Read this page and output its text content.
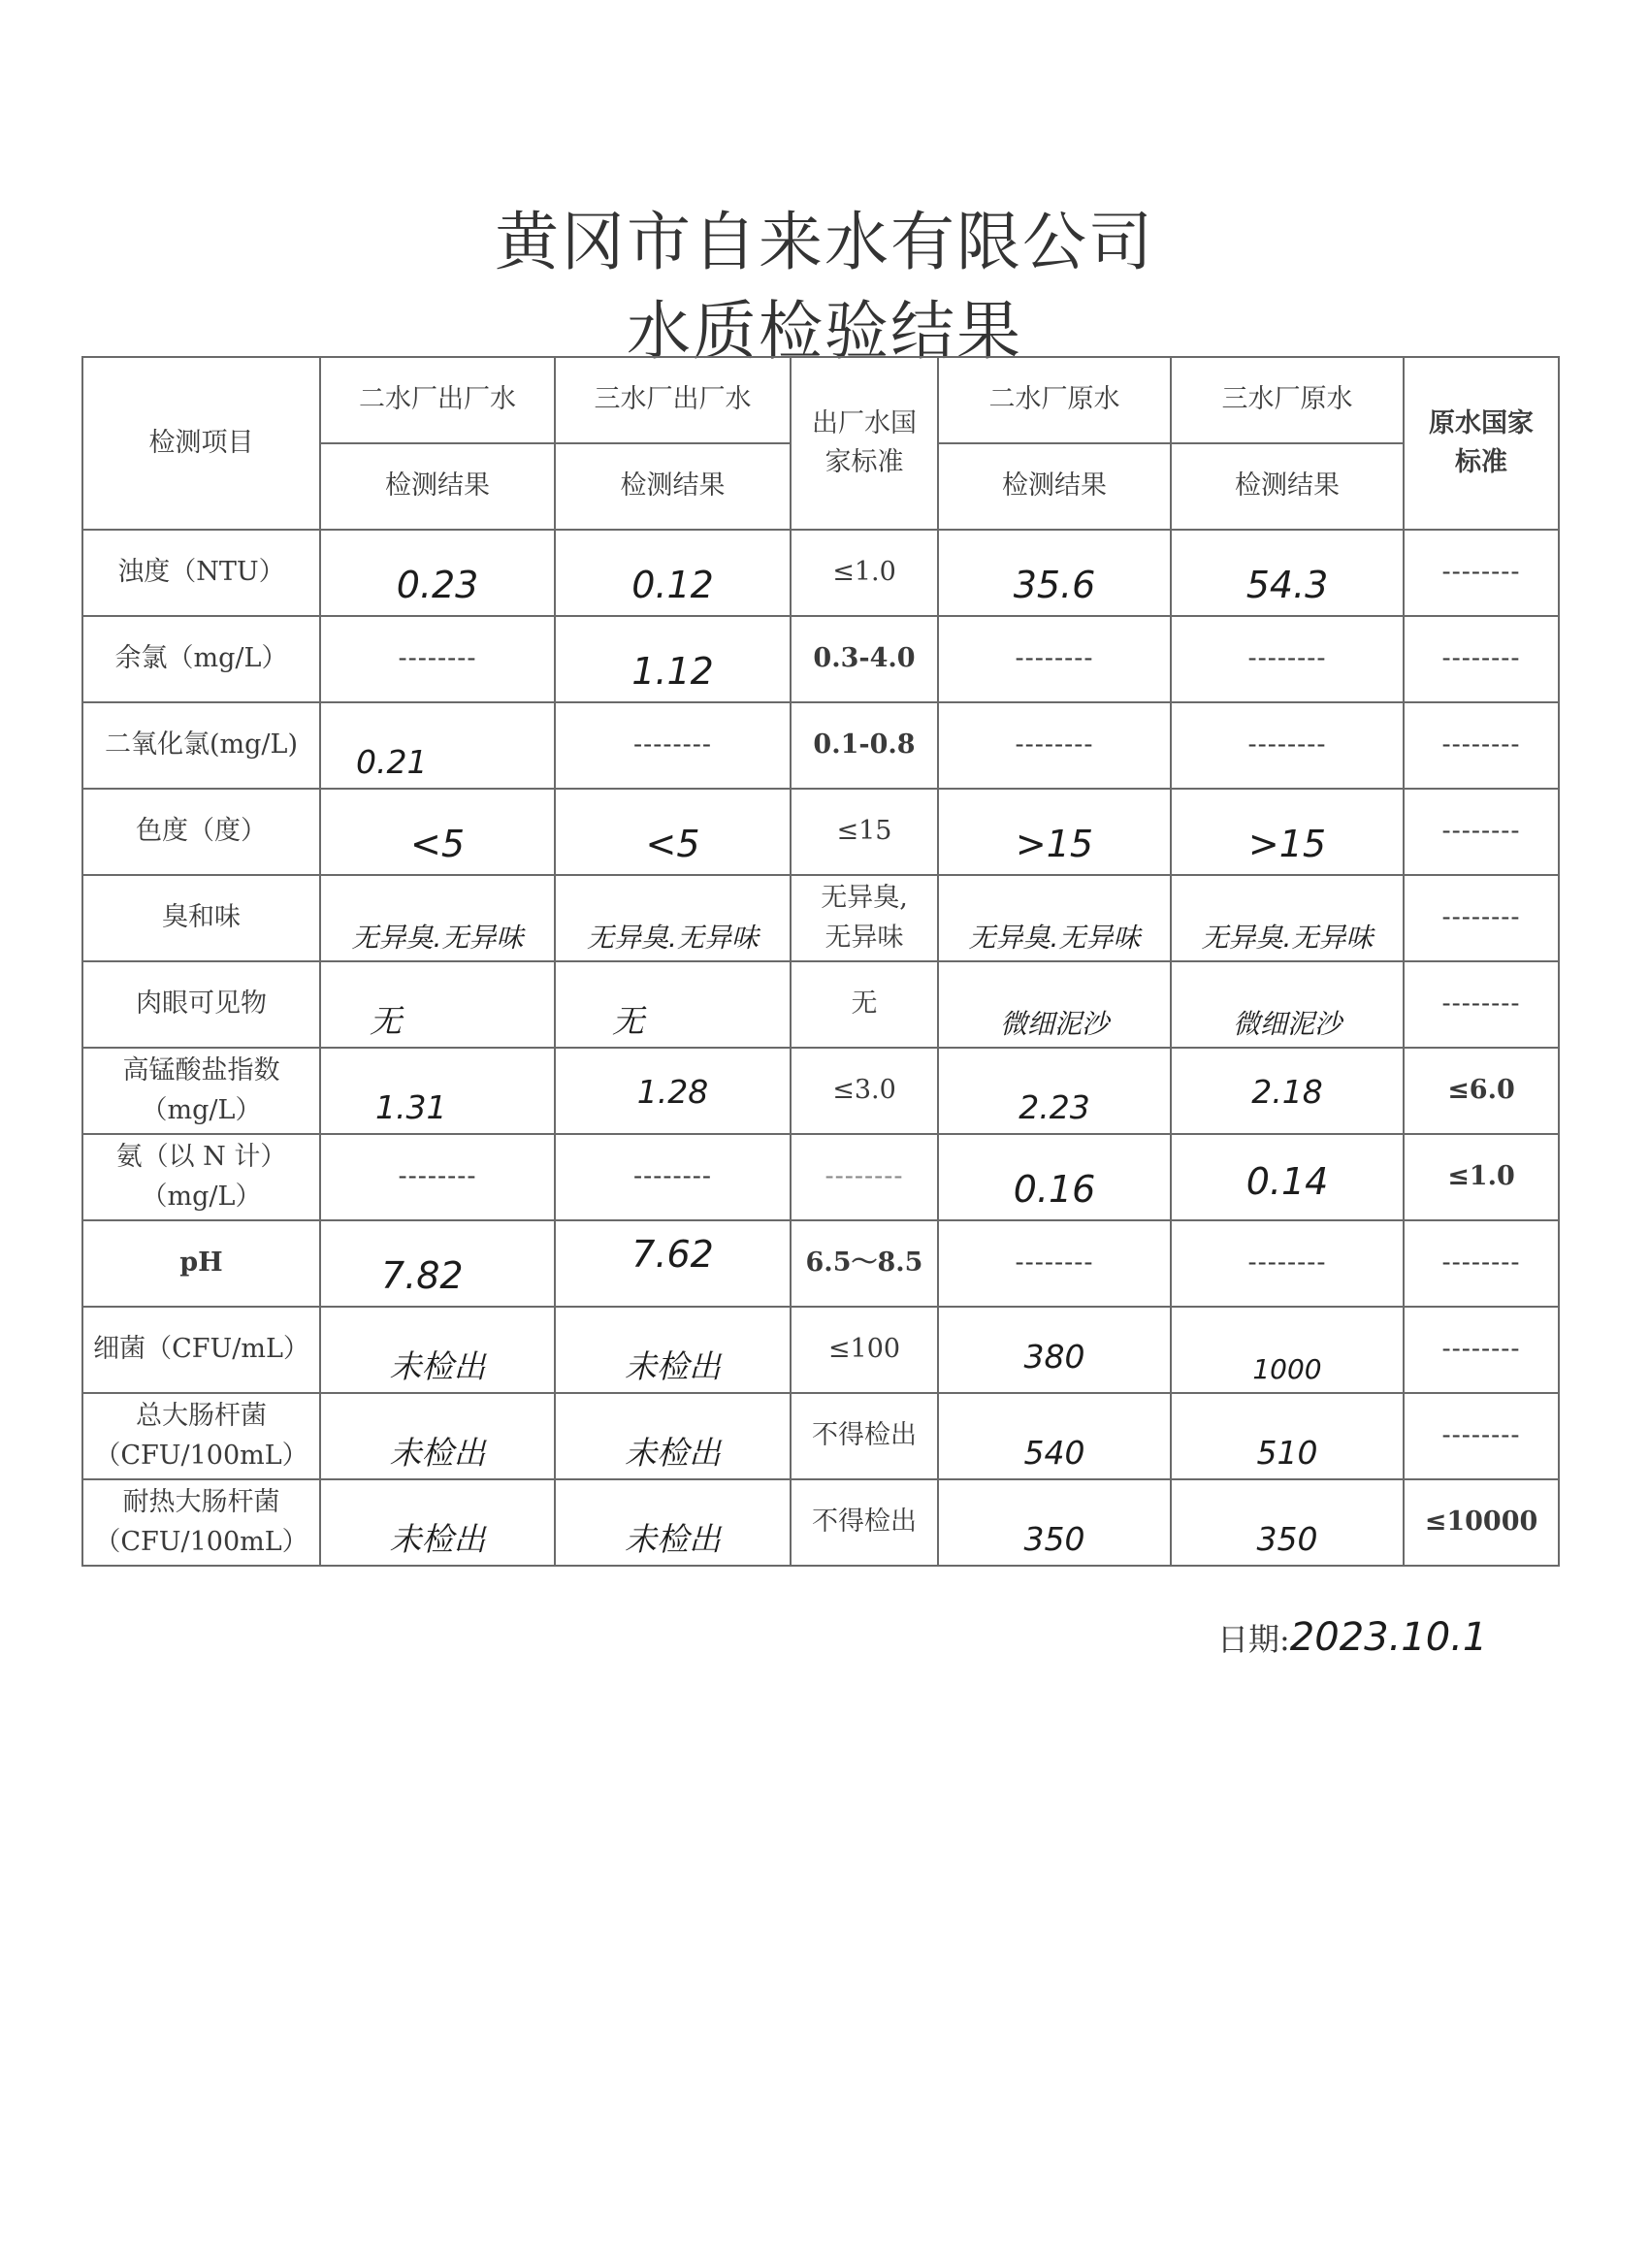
黄冈市自来水有限公司
水质检验结果
检测项目	二水厂出厂水	三水厂出厂水	出厂水国家标准	二水厂原水	三水厂原水	原水国家标准
	检测结果	检测结果		检测结果	检测结果	
浊度（NTU）	0.23	0.12	≤1.0	35.6	54.3	--------
余氯（mg/L）	--------	1.12	0.3-4.0	--------	--------	--------
二氧化氯(mg/L)	0.21	--------	0.1-0.8	--------	--------	--------
色度（度）	<5	<5	≤15	>15	>15	--------
臭和味	无异臭.无异味	无异臭.无异味	无异臭,
无异味	无异臭.无异味	无异臭.无异味	--------
肉眼可见物	无	无	无	微细泥沙	微细泥沙	--------

高锰酸盐指数
（mg/L）	1.31	1.28	≤3.0	2.23	2.18	≤6.0

氨（以 N 计）
（mg/L）	--------	--------	--------	0.16	0.14	≤1.0
pH	7.82	7.62	6.5～8.5	--------	--------	--------
细菌（CFU/mL）	未检出	未检出	≤100	380	1000	--------

总大肠杆菌
（CFU/100mL）	未检出	未检出	不得检出	540	510	--------

耐热大肠杆菌
（CFU/100mL）	未检出	未检出	不得检出	350	350	≤10000
日期:2023.10.1
